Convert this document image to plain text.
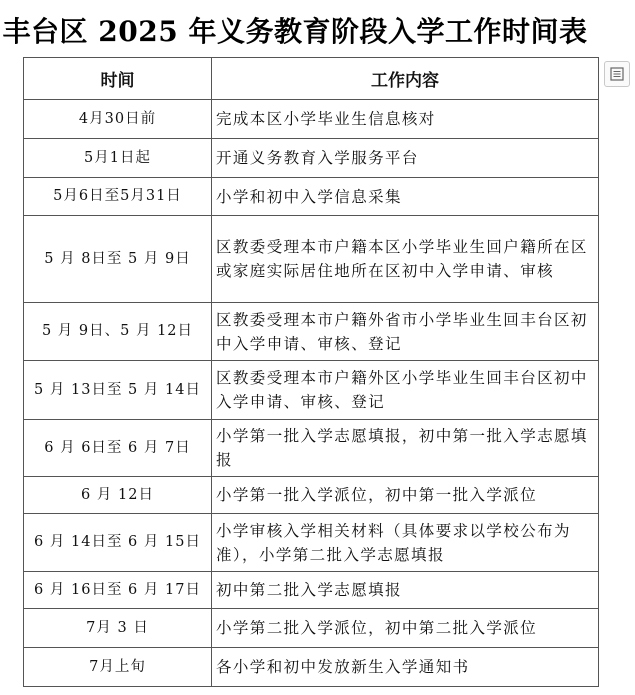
丰台区 2025 年义务教育阶段入学工作时间表
时间	工作内容
4月30日前	完成本区小学毕业生信息核对
5月1日起	开通义务教育入学服务平台
5月6日至5月31日	小学和初中入学信息采集
5 月 8日至 5 月 9日	区教委受理本市户籍本区小学毕业生回户籍所在区或家庭实际居住地所在区初中入学申请、审核
5 月 9日、5 月 12日	区教委受理本市户籍外省市小学毕业生回丰台区初中入学申请、审核、登记
5 月 13日至 5 月 14日	区教委受理本市户籍外区小学毕业生回丰台区初中入学申请、审核、登记
6 月 6日至 6 月 7日	小学第一批入学志愿填报，初中第一批入学志愿填报
6 月 12日	小学第一批入学派位，初中第一批入学派位
6 月 14日至 6 月 15日	小学审核入学相关材料（具体要求以学校公布为准），小学第二批入学志愿填报
6 月 16日至 6 月 17日	初中第二批入学志愿填报
7月 3 日	小学第二批入学派位，初中第二批入学派位
7月上旬	各小学和初中发放新生入学通知书
